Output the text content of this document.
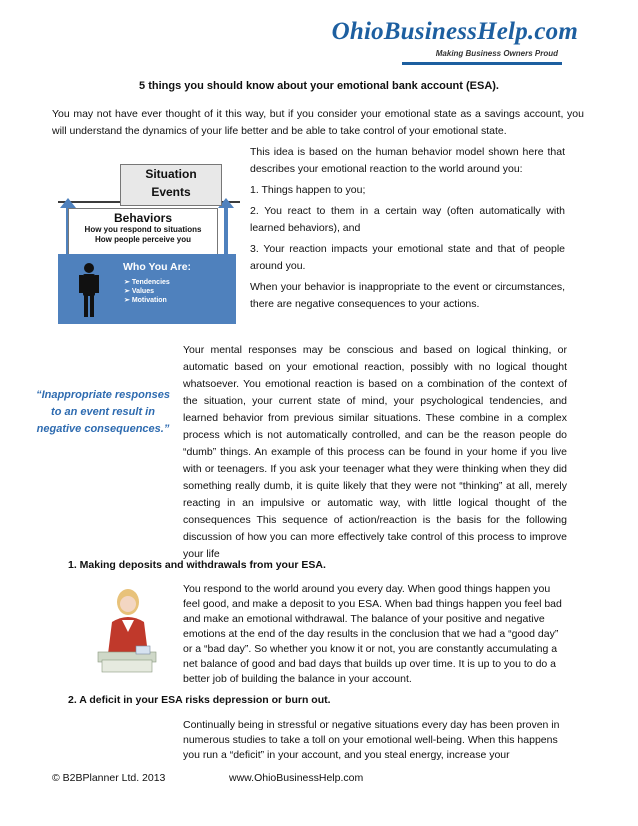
OhioBusinessHelp.com
Making Business Owners Proud
5 things you should know about your emotional bank account (ESA).
You may not have ever thought of it this way, but if you consider your emotional state as a savings account, you will understand the dynamics of your life better and be able to take control of your emotional state.
Situation
Events
Behaviors
How you respond to situations
How people perceive you
Who You Are:
➢ Tendencies
➢ Values
➢ Motivation

This idea is based on the human behavior model shown here that describes your emotional reaction to the world around you:

1. Things happen to you;

2. You react to them in a certain way (often automatically with learned behaviors), and

3. Your reaction impacts your emotional state and that of people around you.

When your behavior is inappropriate to the event or circumstances, there are negative consequences to your actions.

“Inappropriate responses to an event result in negative consequences.”
Your mental responses may be conscious and based on logical thinking, or automatic based on your emotional reaction, possibly with no logical thought whatsoever. You emotional reaction is based on a combination of the context of the situation, your current state of mind, your psychological tendencies, and learned behavior from previous similar situations. These combine in a complex process which is not automatically controlled, and can be the reason people do “dumb” things. An example of this process can be found in your home if you live with or teenagers. If you ask your teenager what they were thinking when they did something really dumb, it is quite likely that they were not “thinking” at all, merely reacting in an impulsive or automatic way, with little logical thought of the consequences This sequence of action/reaction is the basis for the following discussion of how you can more effectively take control of this process to improve your life
1. Making deposits and withdrawals from your ESA.
You respond to the world around you every day. When good things happen you feel good, and make a deposit to you ESA. When bad things happen you feel bad and make an emotional withdrawal. The balance of your positive and negative emotions at the end of the day results in the conclusion that we had a “good day” or a “bad day”. So whether you know it or not, you are constantly accumulating a net balance of good and bad days that builds up over time. It is up to you to do a better job of building the balance in your account.
2. A deficit in your ESA risks depression or burn out.
Continually being in stressful or negative situations every day has been proven in numerous studies to take a toll on your emotional well-being. When this happens you run a “deficit” in your account, and you steal energy, increase your
© B2BPlanner Ltd. 2013	www.OhioBusinessHelp.com
